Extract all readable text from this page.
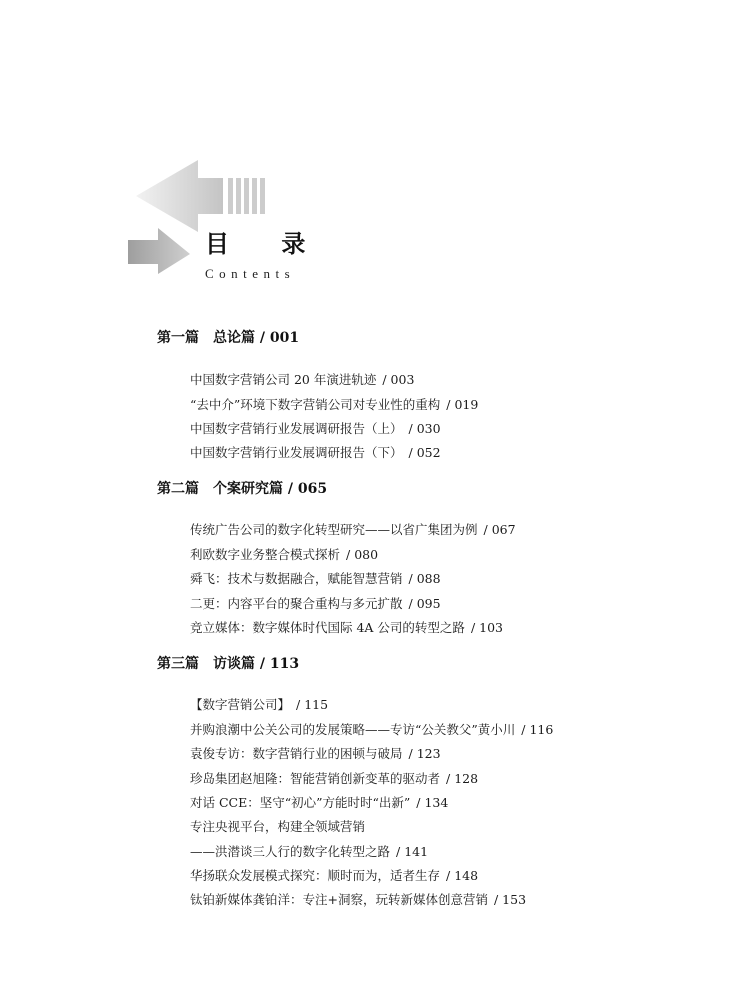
目 录
Contents
第一篇 总论篇 / 001
中国数字营销公司 20 年演进轨迹 / 003
“去中介”环境下数字营销公司对专业性的重构 / 019
中国数字营销行业发展调研报告（上） / 030
中国数字营销行业发展调研报告（下） / 052
第二篇 个案研究篇 / 065
传统广告公司的数字化转型研究——以省广集团为例 / 067
利欧数字业务整合模式探析 / 080
舜飞：技术与数据融合，赋能智慧营销 / 088
二更：内容平台的聚合重构与多元扩散 / 095
竞立媒体：数字媒体时代国际 4A 公司的转型之路 / 103
第三篇 访谈篇 / 113
【数字营销公司】 / 115
并购浪潮中公关公司的发展策略——专访“公关教父”黄小川 / 116
袁俊专访：数字营销行业的困顿与破局 / 123
珍岛集团赵旭隆：智能营销创新变革的驱动者 / 128
对话 CCE：坚守“初心”方能时时“出新” / 134
专注央视平台，构建全领域营销
——洪潜谈三人行的数字化转型之路 / 141
华扬联众发展模式探究：顺时而为，适者生存 / 148
钛铂新媒体龚铂洋：专注+洞察，玩转新媒体创意营销 / 153
